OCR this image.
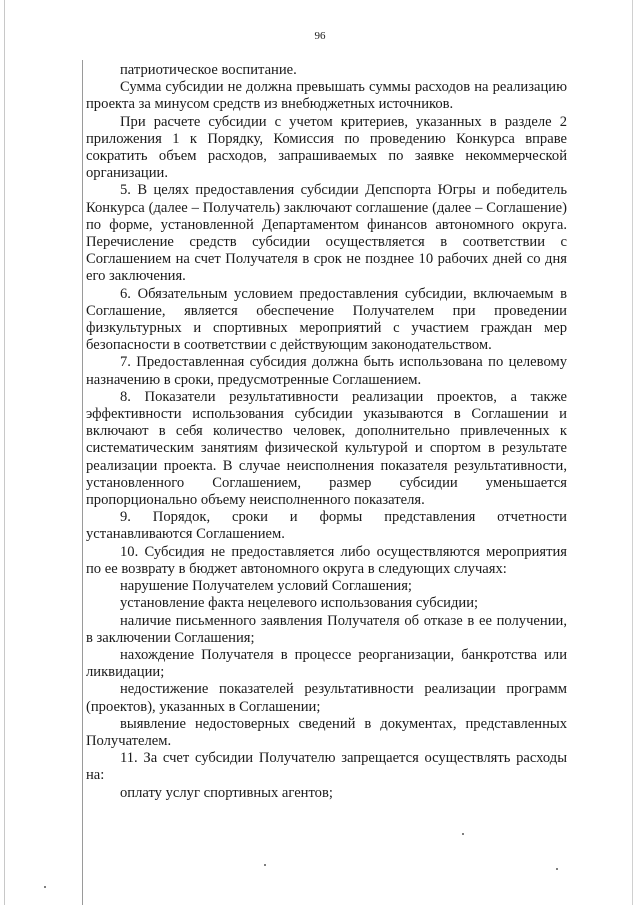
96

патриотическое воспитание.

Сумма субсидии не должна превышать суммы расходов на реализацию проекта за минусом средств из внебюджетных источников.

При расчете субсидии с учетом критериев, указанных в разделе 2 приложения 1 к Порядку, Комиссия по проведению Конкурса вправе сократить объем расходов, запрашиваемых по заявке некоммерческой организации.

5. В целях предоставления субсидии Депспорта Югры и победитель Конкурса (далее – Получатель) заключают соглашение (далее – Соглашение) по форме, установленной Департаментом финансов автономного округа. Перечисление средств субсидии осуществляется в соответствии с Соглашением на счет Получателя в срок не позднее 10 рабочих дней со дня его заключения.

6. Обязательным условием предоставления субсидии, включаемым в Соглашение, является обеспечение Получателем при проведении физкультурных и спортивных мероприятий с участием граждан мер безопасности в соответствии с действующим законодательством.

7. Предоставленная субсидия должна быть использована по целевому назначению в сроки, предусмотренные Соглашением.

8. Показатели результативности реализации проектов, а также эффективности использования субсидии указываются в Соглашении и включают в себя количество человек, дополнительно привлеченных к систематическим занятиям физической культурой и спортом в результате реализации проекта. В случае неисполнения показателя результативности, установленного Соглашением, размер субсидии уменьшается пропорционально объему неисполненного показателя.

9. Порядок, сроки и формы представления отчетности устанавливаются Соглашением.

10. Субсидия не предоставляется либо осуществляются мероприятия по ее возврату в бюджет автономного округа в следующих случаях:

нарушение Получателем условий Соглашения;

установление факта нецелевого использования субсидии;

наличие письменного заявления Получателя об отказе в ее получении, в заключении Соглашения;

нахождение Получателя в процессе реорганизации, банкротства или ликвидации;

недостижение показателей результативности реализации программ (проектов), указанных в Соглашении;

выявление недостоверных сведений в документах, представленных Получателем.

11. За счет субсидии Получателю запрещается осуществлять расходы на:

оплату услуг спортивных агентов;
